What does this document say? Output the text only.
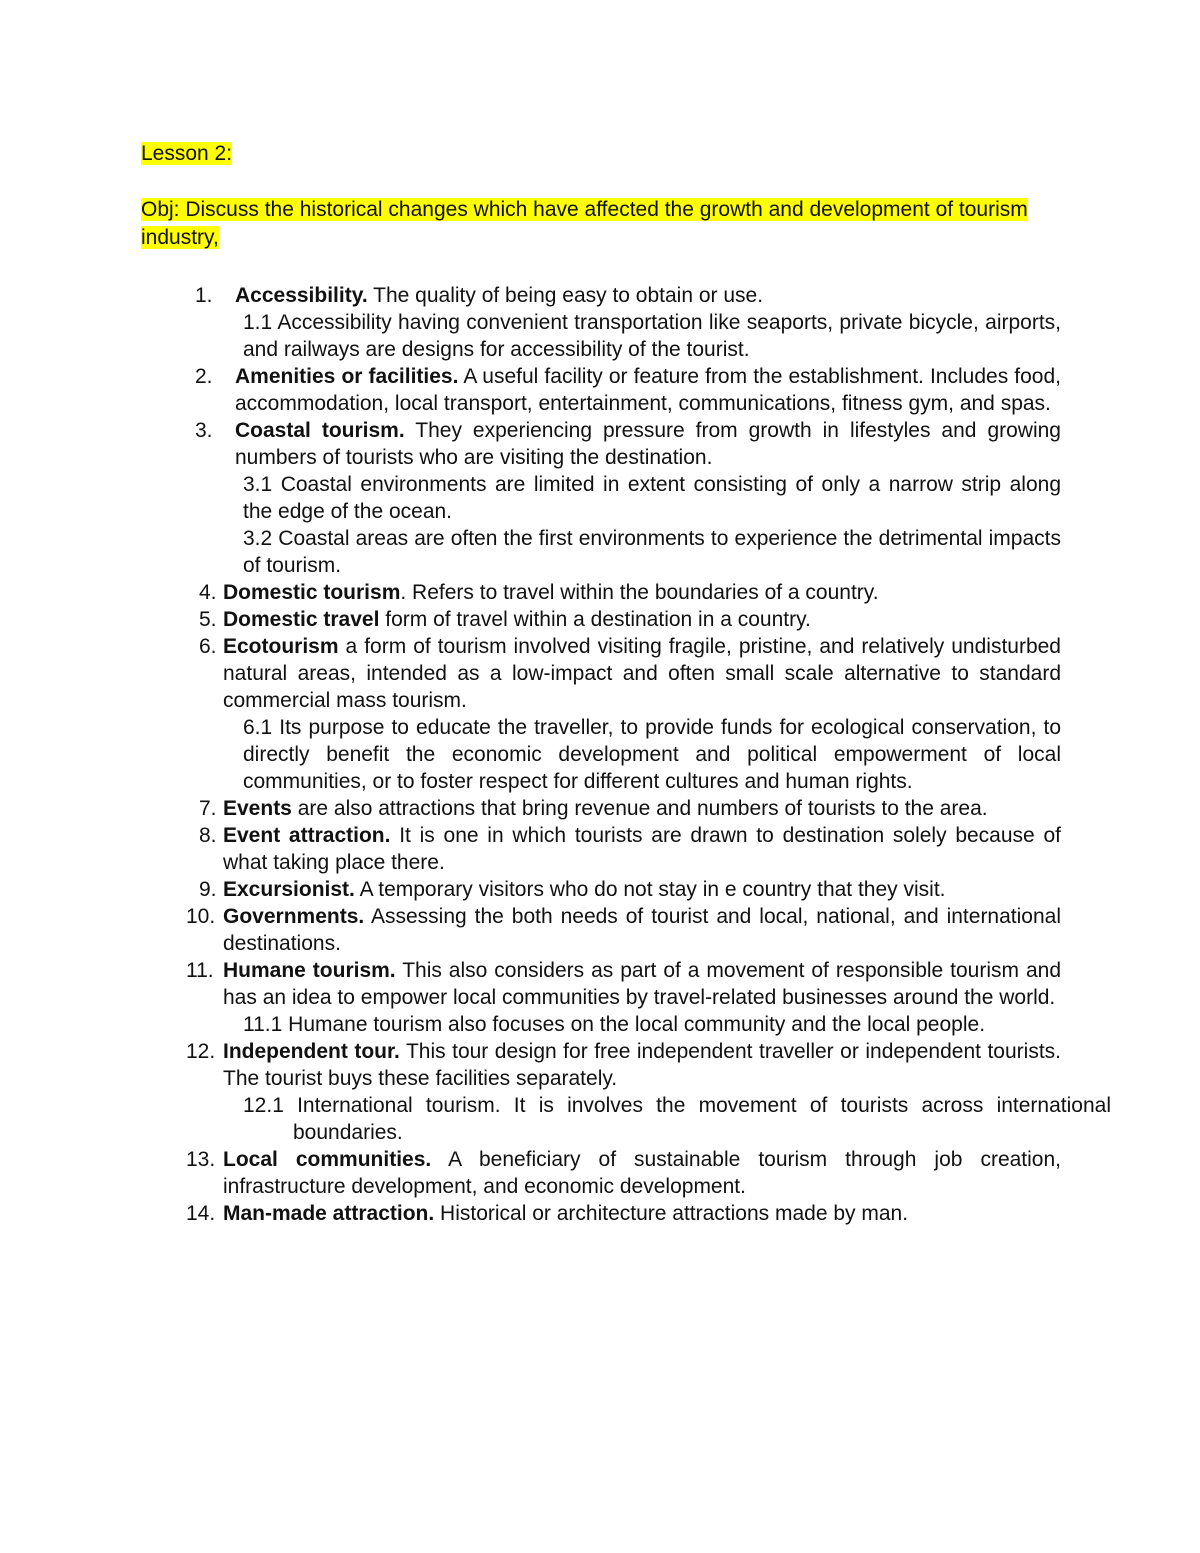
Lesson 2:
Obj: Discuss the historical changes which have affected the growth and development of tourism industry,
1.	Accessibility. The quality of being easy to obtain or use.
1.1 Accessibility having convenient transportation like seaports, private bicycle, airports, and railways are designs for accessibility of the tourist.
2.	Amenities or facilities. A useful facility or feature from the establishment. Includes food, accommodation, local transport, entertainment, communications, fitness gym, and spas.
3.	Coastal tourism. They experiencing pressure from growth in lifestyles and growing numbers of tourists who are visiting the destination.
3.1 Coastal environments are limited in extent consisting of only a narrow strip along the edge of the ocean.
3.2 Coastal areas are often the first environments to experience the detrimental impacts of tourism.
4. Domestic tourism. Refers to travel within the boundaries of a country.
5. Domestic travel form of travel within a destination in a country.
6. Ecotourism a form of tourism involved visiting fragile, pristine, and relatively undisturbed natural areas, intended as a low-impact and often small scale alternative to standard commercial mass tourism.
6.1 Its purpose to educate the traveller, to provide funds for ecological conservation, to directly benefit the economic development and political empowerment of local communities, or to foster respect for different cultures and human rights.
7. Events are also attractions that bring revenue and numbers of tourists to the area.
8. Event attraction. It is one in which tourists are drawn to destination solely because of what taking place there.
9. Excursionist. A temporary visitors who do not stay in e country that they visit.
10. Governments. Assessing the both needs of tourist and local, national, and international destinations.
11. Humane tourism. This also considers as part of a movement of responsible tourism and has an idea to empower local communities by travel-related businesses around the world.
11.1 Humane tourism also focuses on the local community and the local people.
12. Independent tour. This tour design for free independent traveller or independent tourists. The tourist buys these facilities separately.
12.1 International tourism. It is involves the movement of tourists across international boundaries.
13. Local communities. A beneficiary of sustainable tourism through job creation, infrastructure development, and economic development.
14. Man-made attraction. Historical or architecture attractions made by man.
